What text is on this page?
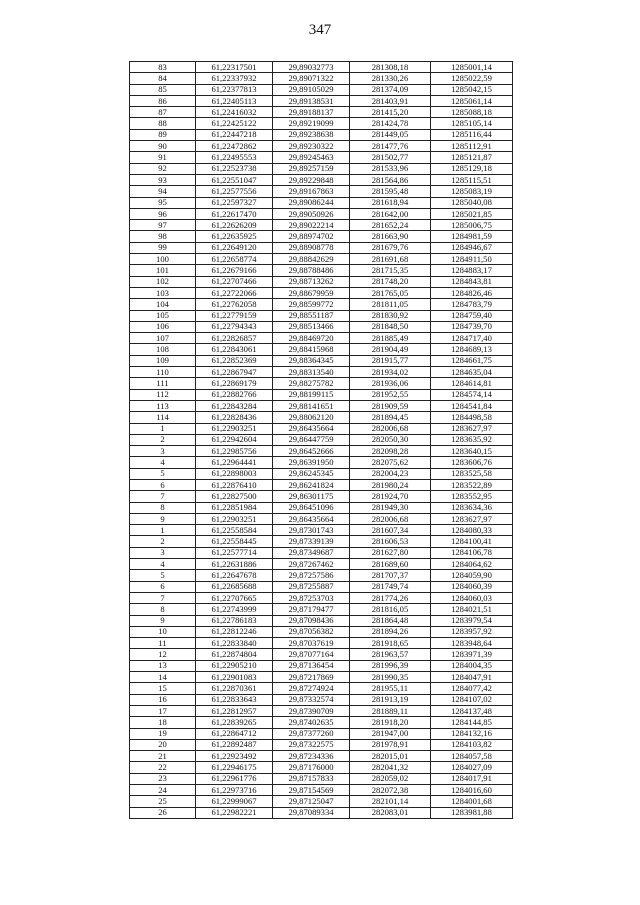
347
83	61,22317501	29,89032773	281308,18	1285001,14
84	61,22337932	29,89071322	281330,26	1285022,59
85	61,22377813	29,89105029	281374,09	1285042,15
86	61,22405113	29,89138531	281403,91	1285061,14
87	61,22416032	29,89188137	281415,20	1285088,18
88	61,22425122	29,89219099	281424,78	1285105,14
89	61,22447218	29,89238638	281449,05	1285116,44
90	61,22472862	29,89230322	281477,76	1285112,91
91	61,22495553	29,89245463	281502,77	1285121,87
92	61,22523738	29,89257159	281533,96	1285129,18
93	61,22551047	29,89229848	281564,86	1285115,51
94	61,22577556	29,89167863	281595,48	1285083,19
95	61,22597327	29,89086244	281618,94	1285040,08
96	61,22617470	29,89050926	281642,00	1285021,85
97	61,22626209	29,89022214	281652,24	1285006,75
98	61,22635925	29,88974702	281663,90	1284981,59
99	61,22649120	29,88908778	281679,76	1284946,67
100	61,22658774	29,88842629	281691,68	1284911,50
101	61,22679166	29,88788486	281715,35	1284883,17
102	61,22707466	29,88713262	281748,20	1284843,81
103	61,22722066	29,88679959	281765,05	1284826,46
104	61,22762058	29,88599772	281811,05	1284783,79
105	61,22779159	29,88551187	281830,92	1284759,40
106	61,22794343	29,88513466	281848,50	1284739,70
107	61,22826857	29,88469720	281885,49	1284717,40
108	61,22843061	29,88415968	281904,49	1284689,13
109	61,22852369	29,88364345	281915,77	1284661,75
110	61,22867947	29,88313540	281934,02	1284635,04
111	61,22869179	29,88275782	281936,06	1284614,81
112	61,22882766	29,88199115	281952,55	1284574,14
113	61,22843284	29,88141651	281909,59	1284541,84
114	61,22828436	29,88062120	281894,45	1284498,58
1	61,22903251	29,86435664	282006,68	1283627,97
2	61,22942604	29,86447759	282050,30	1283635,92
3	61,22985756	29,86452666	282098,28	1283640,15
4	61,22964441	29,86391950	282075,62	1283606,76
5	61,22898003	29,86245345	282004,23	1283525,58
6	61,22876410	29,86241824	281980,24	1283522,89
7	61,22827500	29,86301175	281924,70	1283552,95
8	61,22851984	29,86451096	281949,30	1283634,36
9	61,22903251	29,86435664	282006,68	1283627,97
1	61,22558584	29,87301743	281607,34	1284080,33
2	61,22558445	29,87339139	281606,53	1284100,41
3	61,22577714	29,87349687	281627,80	1284106,78
4	61,22631886	29,87267462	281689,60	1284064,62
5	61,22647678	29,87257586	281707,37	1284059,90
6	61,22685688	29,87255887	281749,74	1284060,39
7	61,22707665	29,87253703	281774,26	1284060,03
8	61,22743999	29,87179477	281816,05	1284021,51
9	61,22786183	29,87098436	281864,48	1283979,54
10	61,22812246	29,87056382	281894,26	1283957,92
11	61,22833840	29,87037619	281918,65	1283948,64
12	61,22874804	29,87077164	281963,57	1283971,39
13	61,22905210	29,87136454	281996,39	1284004,35
14	61,22901083	29,87217869	281990,35	1284047,91
15	61,22870361	29,87274924	281955,11	1284077,42
16	61,22833643	29,87332574	281913,19	1284107,02
17	61,22812957	29,87390709	281889,11	1284137,48
18	61,22839265	29,87402635	281918,20	1284144,85
19	61,22864712	29,87377260	281947,00	1284132,16
20	61,22892487	29,87322575	281978,91	1284103,82
21	61,22923492	29,87234336	282015,01	1284057,58
22	61,22946175	29,87176000	282041,32	1284027,09
23	61,22961776	29,87157833	282059,02	1284017,91
24	61,22973716	29,87154569	282072,38	1284016,60
25	61,22999067	29,87125047	282101,14	1284001,68
26	61,22982221	29,87089334	282083,01	1283981,88
